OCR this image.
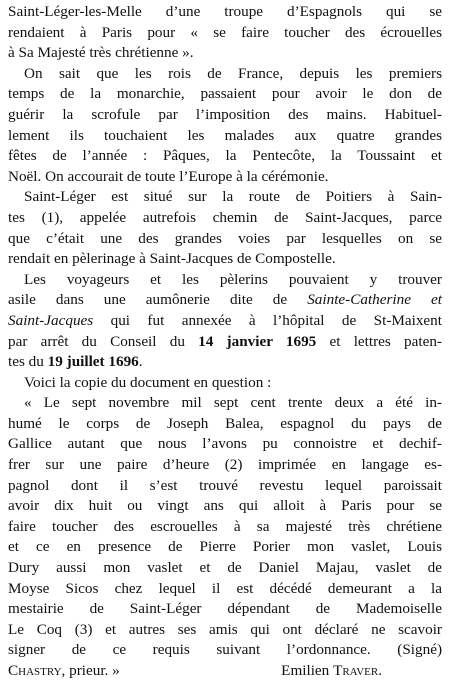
Saint-Léger-les-Melle d’une troupe d’Espagnols qui se
rendaient à Paris pour « se faire toucher des écrouelles
à Sa Majesté très chrétienne ».
On sait que les rois de France, depuis les premiers
temps de la monarchie, passaient pour avoir le don de
guérir la scrofule par l’imposition des mains. Habituel-
lement ils touchaient les malades aux quatre grandes
fêtes de l’année : Pâques, la Pentecôte, la Toussaint et
Noël. On accourait de toute l’Europe à la cérémonie.
Saint-Léger est situé sur la route de Poitiers à Sain-
tes (1), appelée autrefois chemin de Saint-Jacques, parce
que c’était une des grandes voies par lesquelles on se
rendait en pèlerinage à Saint-Jacques de Compostelle.
Les voyageurs et les pèlerins pouvaient y trouver
asile dans une aumônerie dite de Sainte-Catherine et
Saint-Jacques qui fut annexée à l’hôpital de St-Maixent
par arrêt du Conseil du 14 janvier 1695 et lettres paten-
tes du 19 juillet 1696.
Voici la copie du document en question :
« Le sept novembre mil sept cent trente deux a été in-
humé le corps de Joseph Balea, espagnol du pays de
Gallice autant que nous l’avons pu connoistre et dechif-
frer sur une paire d’heure (2) imprimée en langage es-
pagnol dont il s’est trouvé revestu lequel paroissait
avoir dix huit ou vingt ans qui alloit à Paris pour se
faire toucher des escrouelles à sa majesté très chrétiene
et ce en presence de Pierre Porier mon vaslet, Louis
Dury aussi mon vaslet et de Daniel Majau, vaslet de
Moyse Sicos chez lequel il est décédé demeurant a la
mestairie de Saint-Léger dépendant de Mademoiselle
Le Coq (3) et autres ses amis qui ont déclaré ne scavoir
signer de ce requis suivant l’ordonnance. (Signé)
Chastry, prieur. »	Emilien Traver.
